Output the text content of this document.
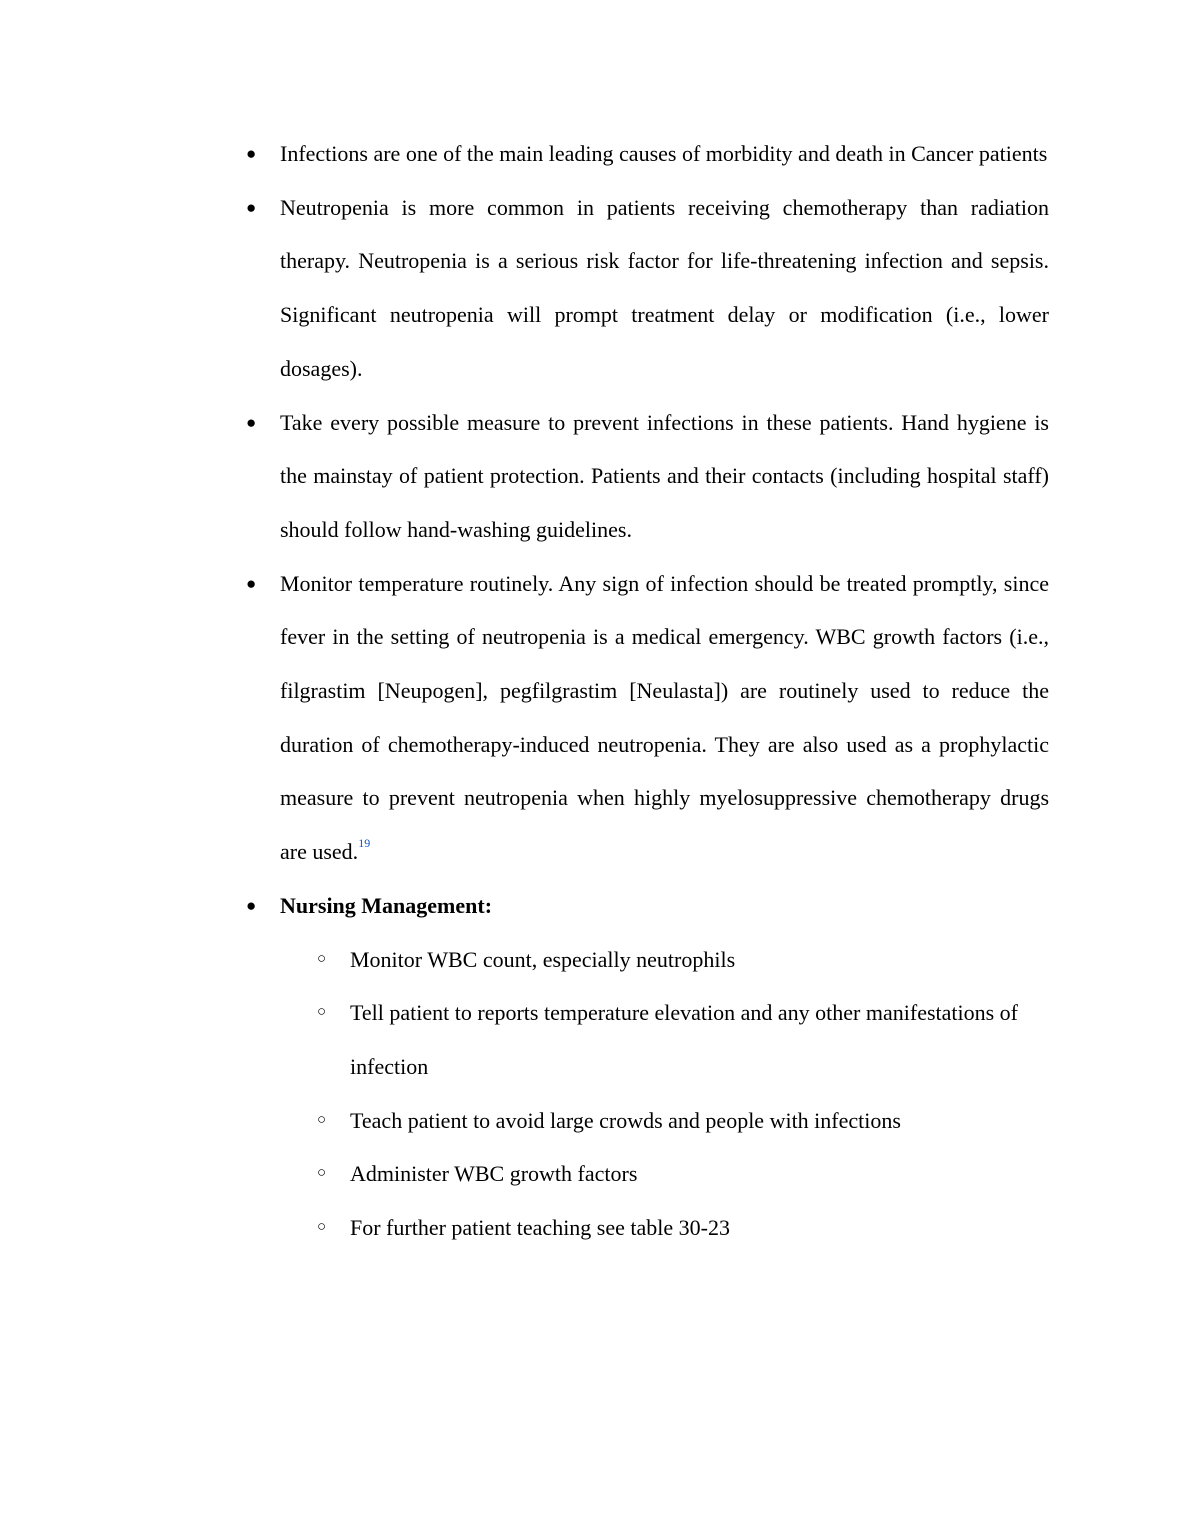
● Infections are one of the main leading causes of morbidity and death in Cancer patients
● Neutropenia is more common in patients receiving chemotherapy than radiation therapy. Neutropenia is a serious risk factor for life-threatening infection and sepsis. Significant neutropenia will prompt treatment delay or modification (i.e., lower dosages).
● Take every possible measure to prevent infections in these patients. Hand hygiene is the mainstay of patient protection. Patients and their contacts (including hospital staff) should follow hand-washing guidelines.
● Monitor temperature routinely. Any sign of infection should be treated promptly, since fever in the setting of neutropenia is a medical emergency. WBC growth factors (i.e., filgrastim [Neupogen], pegfilgrastim [Neulasta]) are routinely used to reduce the duration of chemotherapy-induced neutropenia. They are also used as a prophylactic measure to prevent neutropenia when highly myelosuppressive chemotherapy drugs are used.$^{19}$
● Nursing Management:
○ Monitor WBC count, especially neutrophils
○ Tell patient to reports temperature elevation and any other manifestations of infection
○ Teach patient to avoid large crowds and people with infections
○ Administer WBC growth factors
○ For further patient teaching see table 30-23
